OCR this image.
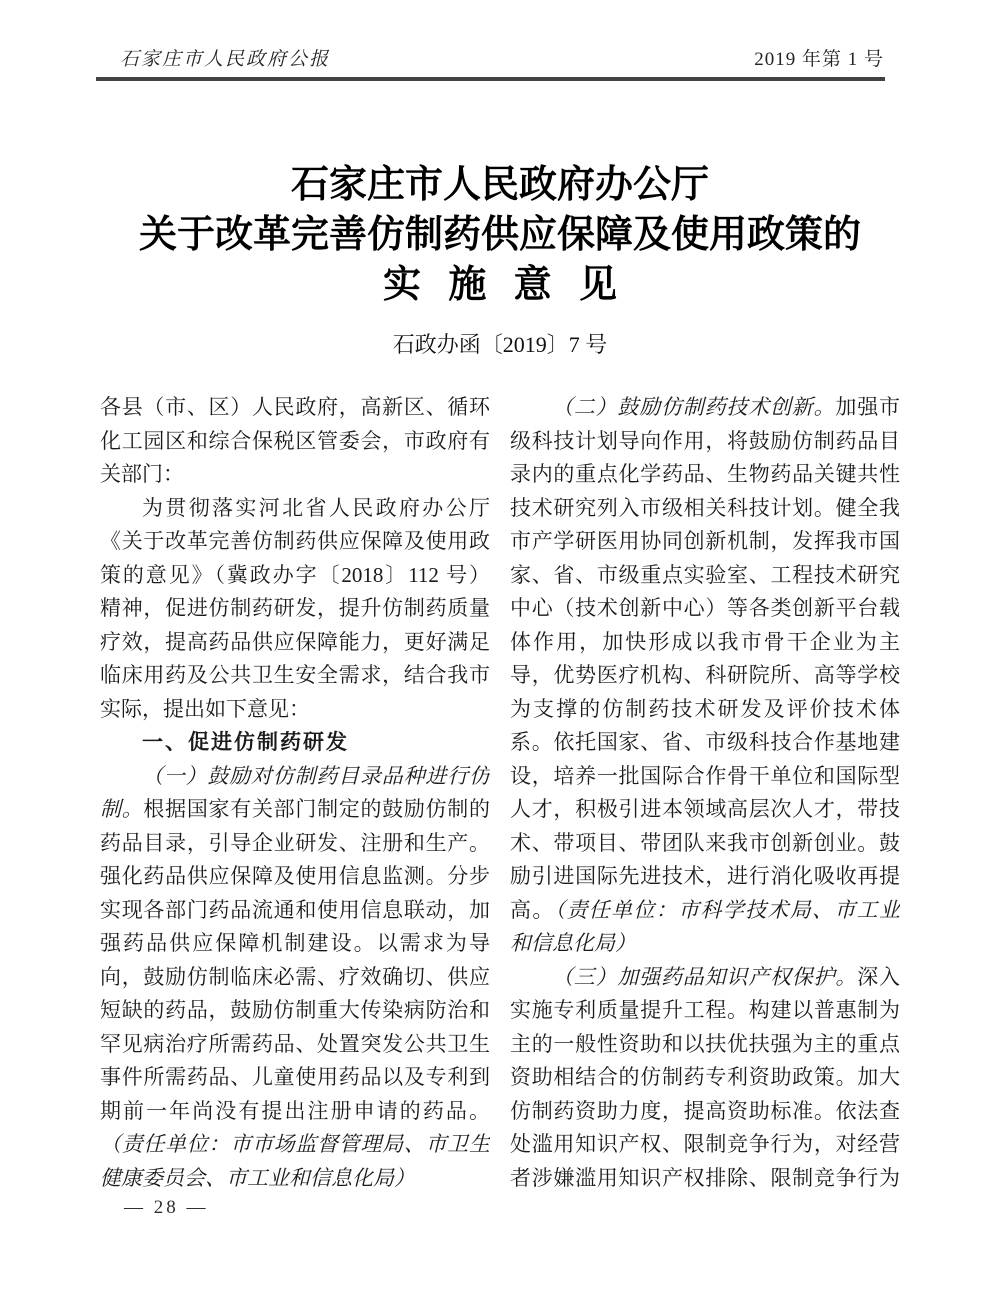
石家庄市人民政府公报	2019 年第 1 号
石家庄市人民政府办公厅
关于改革完善仿制药供应保障及使用政策的
实施意见
石政办函〔2019〕7 号
各县（市、区）人民政府，高新区、循环
化工园区和综合保税区管委会，市政府有
关部门：
为贯彻落实河北省人民政府办公厅
《关于改革完善仿制药供应保障及使用政
策的意见》（冀政办字〔2018〕112 号）
精神，促进仿制药研发，提升仿制药质量
疗效，提高药品供应保障能力，更好满足
临床用药及公共卫生安全需求，结合我市
实际，提出如下意见：
一、促进仿制药研发
（一）鼓励对仿制药目录品种进行仿
制。根据国家有关部门制定的鼓励仿制的
药品目录，引导企业研发、注册和生产。
强化药品供应保障及使用信息监测。分步
实现各部门药品流通和使用信息联动，加
强药品供应保障机制建设。以需求为导
向，鼓励仿制临床必需、疗效确切、供应
短缺的药品，鼓励仿制重大传染病防治和
罕见病治疗所需药品、处置突发公共卫生
事件所需药品、儿童使用药品以及专利到
期前一年尚没有提出注册申请的药品。
（责任单位：市市场监督管理局、市卫生
健康委员会、市工业和信息化局）
（二）鼓励仿制药技术创新。加强市
级科技计划导向作用，将鼓励仿制药品目
录内的重点化学药品、生物药品关键共性
技术研究列入市级相关科技计划。健全我
市产学研医用协同创新机制，发挥我市国
家、省、市级重点实验室、工程技术研究
中心（技术创新中心）等各类创新平台载
体作用，加快形成以我市骨干企业为主
导，优势医疗机构、科研院所、高等学校
为支撑的仿制药技术研发及评价技术体
系。依托国家、省、市级科技合作基地建
设，培养一批国际合作骨干单位和国际型
人才，积极引进本领域高层次人才，带技
术、带项目、带团队来我市创新创业。鼓
励引进国际先进技术，进行消化吸收再提
高。（责任单位：市科学技术局、市工业
和信息化局）
（三）加强药品知识产权保护。深入
实施专利质量提升工程。构建以普惠制为
主的一般性资助和以扶优扶强为主的重点
资助相结合的仿制药专利资助政策。加大
仿制药资助力度，提高资助标准。依法查
处滥用知识产权、限制竞争行为，对经营
者涉嫌滥用知识产权排除、限制竞争行为
— 28 —
